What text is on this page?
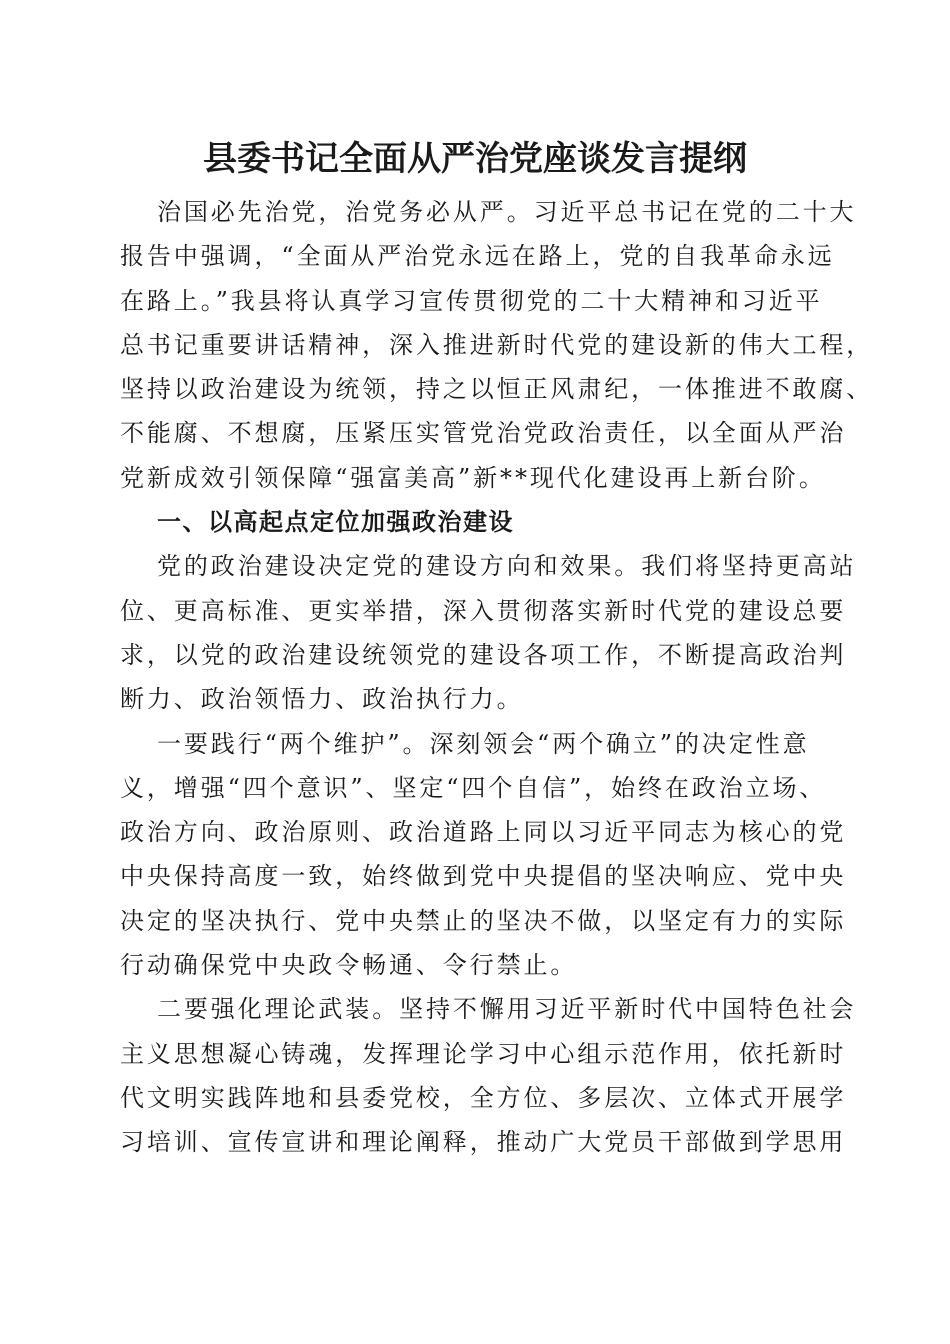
县委书记全面从严治党座谈发言提纲
治国必先治党，治党务必从严。习近平总书记在党的二十大
报告中强调，“全面从严治党永远在路上，党的自我革命永远
在路上。”我县将认真学习宣传贯彻党的二十大精神和习近平
总书记重要讲话精神，深入推进新时代党的建设新的伟大工程，
坚持以政治建设为统领，持之以恒正风肃纪，一体推进不敢腐、
不能腐、不想腐，压紧压实管党治党政治责任，以全面从严治
党新成效引领保障“强富美高”新**现代化建设再上新台阶。
一、以高起点定位加强政治建设
党的政治建设决定党的建设方向和效果。我们将坚持更高站
位、更高标准、更实举措，深入贯彻落实新时代党的建设总要
求，以党的政治建设统领党的建设各项工作，不断提高政治判
断力、政治领悟力、政治执行力。
一要践行“两个维护”。深刻领会“两个确立”的决定性意
义，增强“四个意识”、坚定“四个自信”，始终在政治立场、
政治方向、政治原则、政治道路上同以习近平同志为核心的党
中央保持高度一致，始终做到党中央提倡的坚决响应、党中央
决定的坚决执行、党中央禁止的坚决不做，以坚定有力的实际
行动确保党中央政令畅通、令行禁止。
二要强化理论武装。坚持不懈用习近平新时代中国特色社会
主义思想凝心铸魂，发挥理论学习中心组示范作用，依托新时
代文明实践阵地和县委党校，全方位、多层次、立体式开展学
习培训、宣传宣讲和理论阐释，推动广大党员干部做到学思用
